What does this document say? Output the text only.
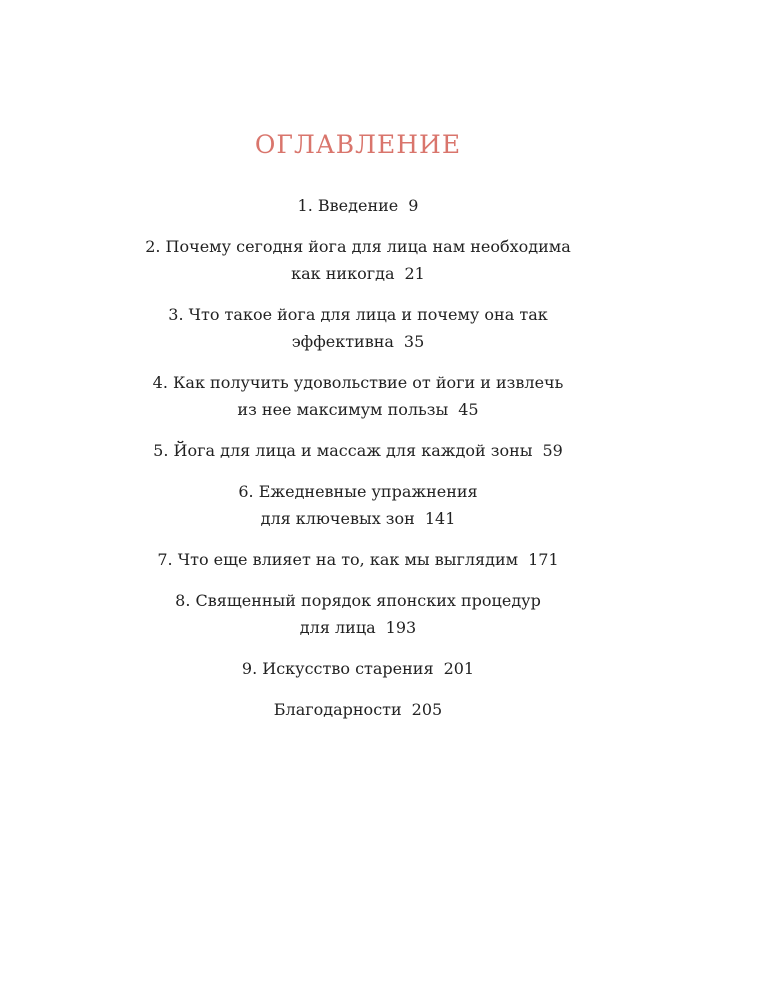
ОГЛАВЛЕНИЕ
1. Введение 9
2. Почему сегодня йога для лица нам необходима
как никогда 21
3. Что такое йога для лица и почему она так
эффективна 35
4. Как получить удовольствие от йоги и извлечь
из нее максимум пользы 45
5. Йога для лица и массаж для каждой зоны 59
6. Ежедневные упражнения
для ключевых зон 141
7. Что еще влияет на то, как мы выглядим 171
8. Священный порядок японских процедур
для лица 193
9. Искусство старения 201
Благодарности 205
